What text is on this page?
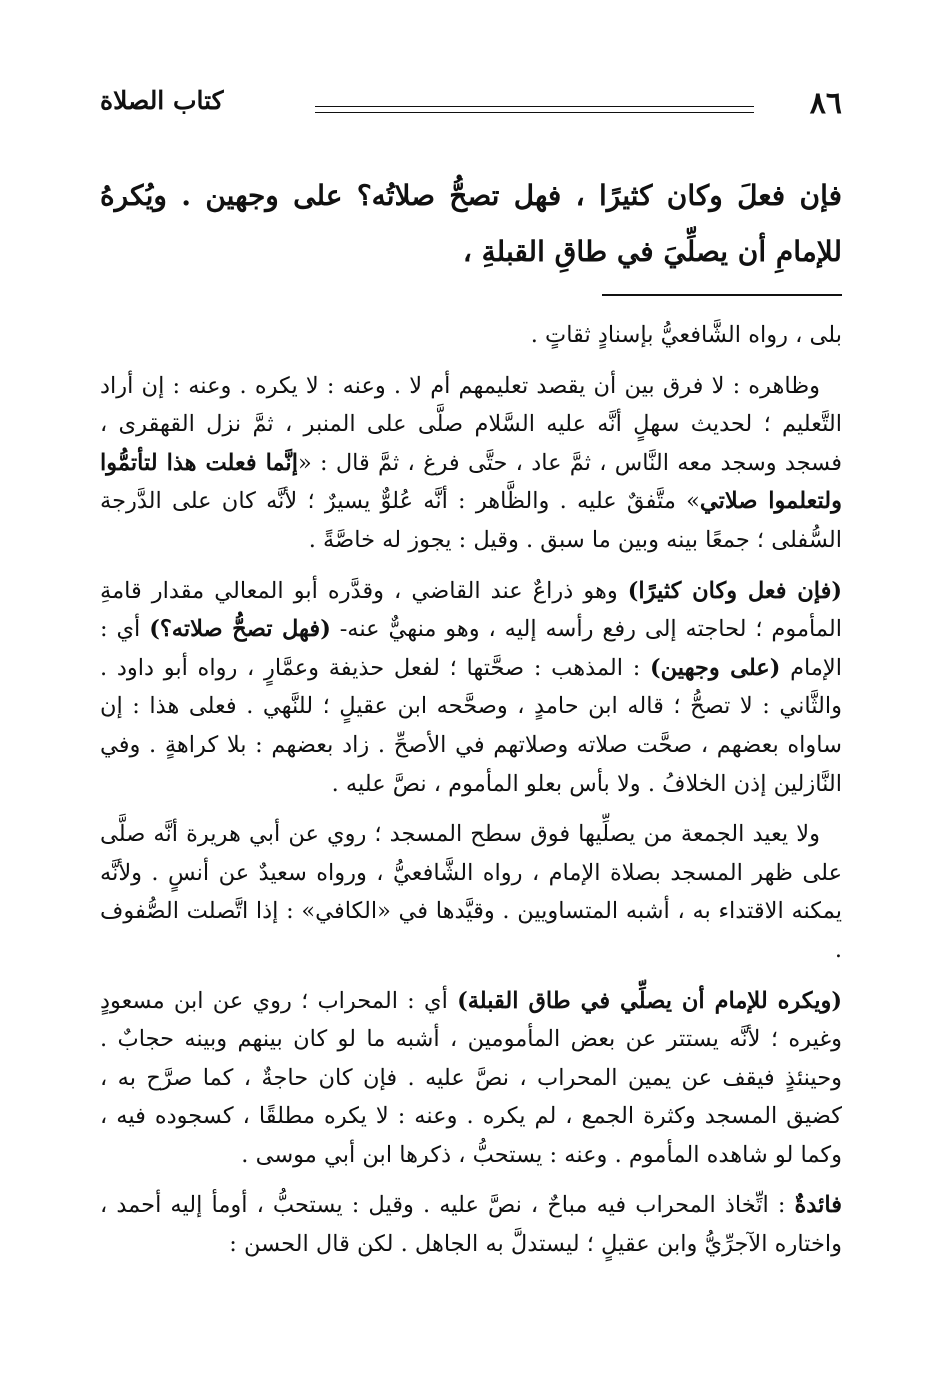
٨٦
كتاب الصلاة
فإن فعلَ وكان كثيرًا ، فهل تصحُّ صلاتُه؟ على وجهين . ويُكرهُ للإمامِ أن يصلِّيَ في طاقِ القبلةِ ،

بلى ، رواه الشَّافعيُّ بإسنادٍ ثقاتٍ .

وظاهره : لا فرق بين أن يقصد تعليمهم أم لا . وعنه : لا يكره . وعنه : إن أراد التَّعليم ؛ لحديث سهلٍ أنَّه عليه السَّلام صلَّى على المنبر ، ثمَّ نزل القهقرى ، فسجد وسجد معه النَّاس ، ثمَّ عاد ، حتَّى فرغ ، ثمَّ قال : «إنَّما فعلت هذا لتأتمُّوا ولتعلموا صلاتي» متَّفقٌ عليه . والظَّاهر : أنَّه عُلوٌّ يسيرٌ ؛ لأنَّه كان على الدَّرجة السُّفلى ؛ جمعًا بينه وبين ما سبق . وقيل : يجوز له خاصَّةً .

(فإن فعل وكان كثيرًا) وهو ذراعٌ عند القاضي ، وقدَّره أبو المعالي مقدار قامةِ المأموم ؛ لحاجته إلى رفع رأسه إليه ، وهو منهيٌّ عنه- (فهل تصحُّ صلاته؟) أي : الإمام (على وجهين) : المذهب : صحَّتها ؛ لفعل حذيفة وعمَّارٍ ، رواه أبو داود . والثَّاني : لا تصحُّ ؛ قاله ابن حامدٍ ، وصحَّحه ابن عقيلٍ ؛ للنَّهي . فعلى هذا : إن ساواه بعضهم ، صحَّت صلاته وصلاتهم في الأصحِّ . زاد بعضهم : بلا كراهةٍ . وفي النَّازلين إذن الخلافُ . ولا بأس بعلو المأموم ، نصَّ عليه .

ولا يعيد الجمعة من يصلِّيها فوق سطح المسجد ؛ روي عن أبي هريرة أنَّه صلَّى على ظهر المسجد بصلاة الإمام ، رواه الشَّافعيُّ ، ورواه سعيدٌ عن أنسٍ . ولأنَّه يمكنه الاقتداء به ، أشبه المتساويين . وقيَّدها في «الكافي» : إذا اتَّصلت الصُّفوف .

(ويكره للإمام أن يصلِّي في طاق القبلة) أي : المحراب ؛ روي عن ابن مسعودٍ وغيره ؛ لأنَّه يستتر عن بعض المأمومين ، أشبه ما لو كان بينهم وبينه حجابٌ . وحينئذٍ فيقف عن يمين المحراب ، نصَّ عليه . فإن كان حاجةٌ ، كما صرَّح به ، كضيق المسجد وكثرة الجمع ، لم يكره . وعنه : لا يكره مطلقًا ، كسجوده فيه ، وكما لو شاهده المأموم . وعنه : يستحبُّ ، ذكرها ابن أبي موسى .

فائدةٌ : اتِّخاذ المحراب فيه مباحٌ ، نصَّ عليه . وقيل : يستحبُّ ، أومأ إليه أحمد ، واختاره الآجرِّيُّ وابن عقيلٍ ؛ ليستدلَّ به الجاهل . لكن قال الحسن :
